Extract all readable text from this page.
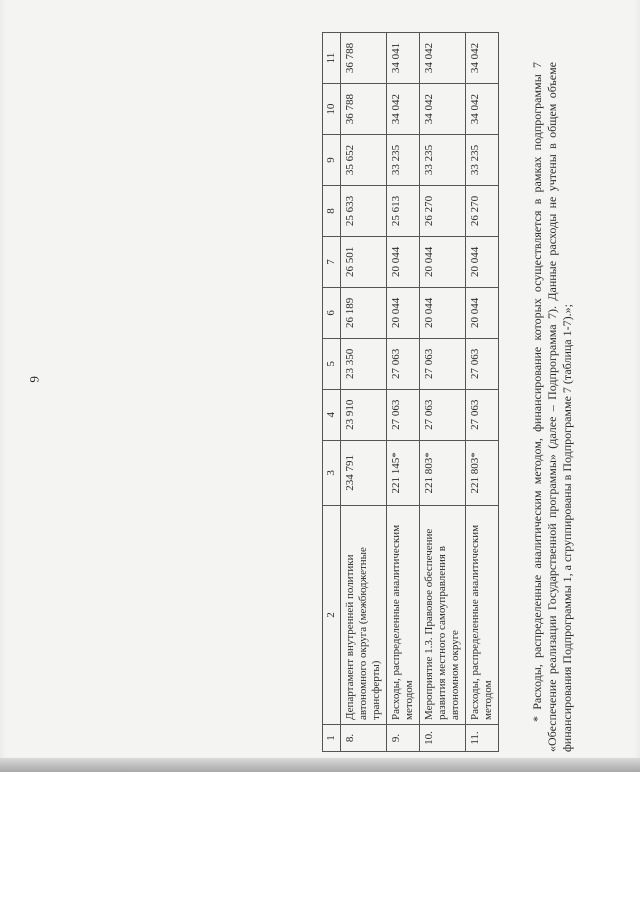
6
1	2	3	4	5	6	7	8	9	10	11
8.	Департамент внутренней политики автономного округа (межбюджетные трансферты)	234 791	23 910	23 350	26 189	26 501	25 633	35 652	36 788	36 788
9.	Расходы, распределенные аналитическим методом	221 145*	27 063	27 063	20 044	20 044	25 613	33 235	34 042	34 041
10.	Мероприятие 1.3. Правовое обеспечение развития местного самоуправления в автономном округе	221 803*	27 063	27 063	20 044	20 044	26 270	33 235	34 042	34 042
11.	Расходы, распределенные аналитическим методом	221 803*	27 063	27 063	20 044	20 044	26 270	33 235	34 042	34 042
* Расходы, распределенные аналитическим методом, финансирование которых осуществляется в рамках подпрограммы 7 «Обеспечение реализации Государственной программы» (далее – Подпрограмма 7). Данные расходы не учтены в общем объеме финансирования Подпрограммы 1, а сгруппированы в Подпрограмме 7 (таблица 1-7).»;
